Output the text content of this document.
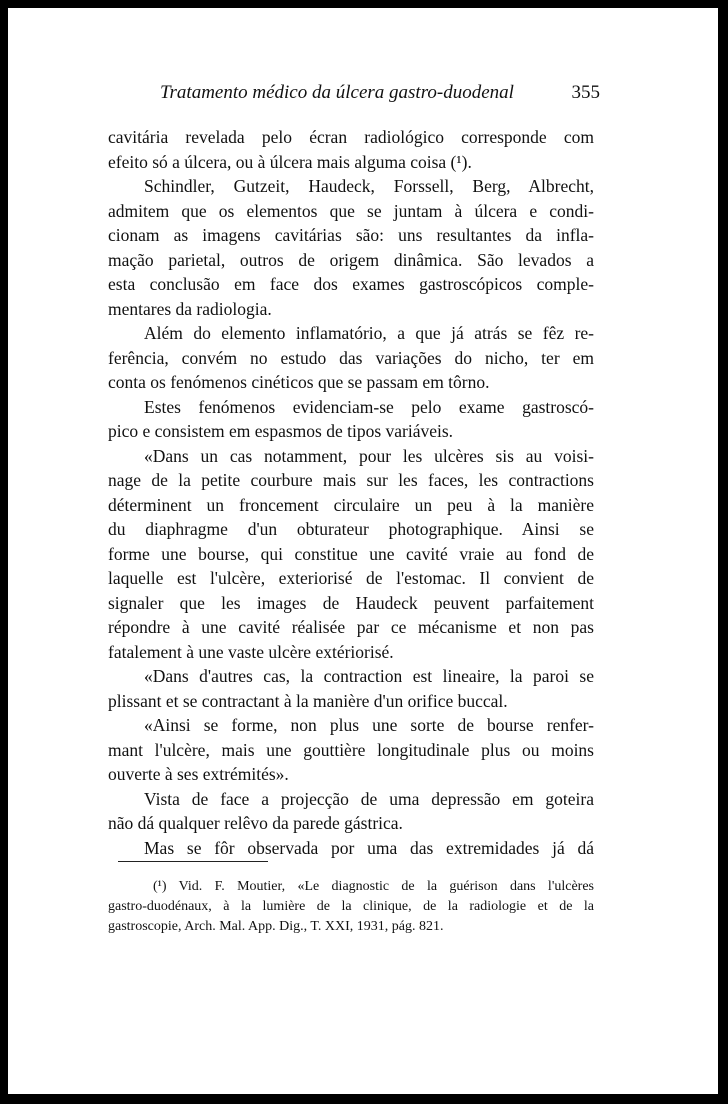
Tratamento médico da úlcera gastro-duodenal	355
cavitária revelada pelo écran radiológico corresponde com
efeito só a úlcera, ou à úlcera mais alguma coisa (¹).
Schindler, Gutzeit, Haudeck, Forssell, Berg, Albrecht,
admitem que os elementos que se juntam à úlcera e condi-
cionam as imagens cavitárias são: uns resultantes da infla-
mação parietal, outros de origem dinâmica. São levados a
esta conclusão em face dos exames gastroscópicos comple-
mentares da radiologia.
Além do elemento inflamatório, a que já atrás se fêz re-
ferência, convém no estudo das variações do nicho, ter em
conta os fenómenos cinéticos que se passam em tôrno.
Estes fenómenos evidenciam-se pelo exame gastroscó-
pico e consistem em espasmos de tipos variáveis.
«Dans un cas notamment, pour les ulcères sis au voisi-
nage de la petite courbure mais sur les faces, les contractions
déterminent un froncement circulaire un peu à la manière
du diaphragme d'un obturateur photographique. Ainsi se
forme une bourse, qui constitue une cavité vraie au fond de
laquelle est l'ulcère, exteriorisé de l'estomac. Il convient de
signaler que les images de Haudeck peuvent parfaitement
répondre à une cavité réalisée par ce mécanisme et non pas
fatalement à une vaste ulcère extériorisé.
«Dans d'autres cas, la contraction est lineaire, la paroi se
plissant et se contractant à la manière d'un orifice buccal.
«Ainsi se forme, non plus une sorte de bourse renfer-
mant l'ulcère, mais une gouttière longitudinale plus ou moins
ouverte à ses extrémités».
Vista de face a projecção de uma depressão em goteira
não dá qualquer relêvo da parede gástrica.
Mas se fôr observada por uma das extremidades já dá
(¹) Vid. F. Moutier, «Le diagnostic de la guérison dans l'ulcères
gastro-duodénaux, à la lumière de la clinique, de la radiologie et de la
gastroscopie, Arch. Mal. App. Dig., T. XXI, 1931, pág. 821.
